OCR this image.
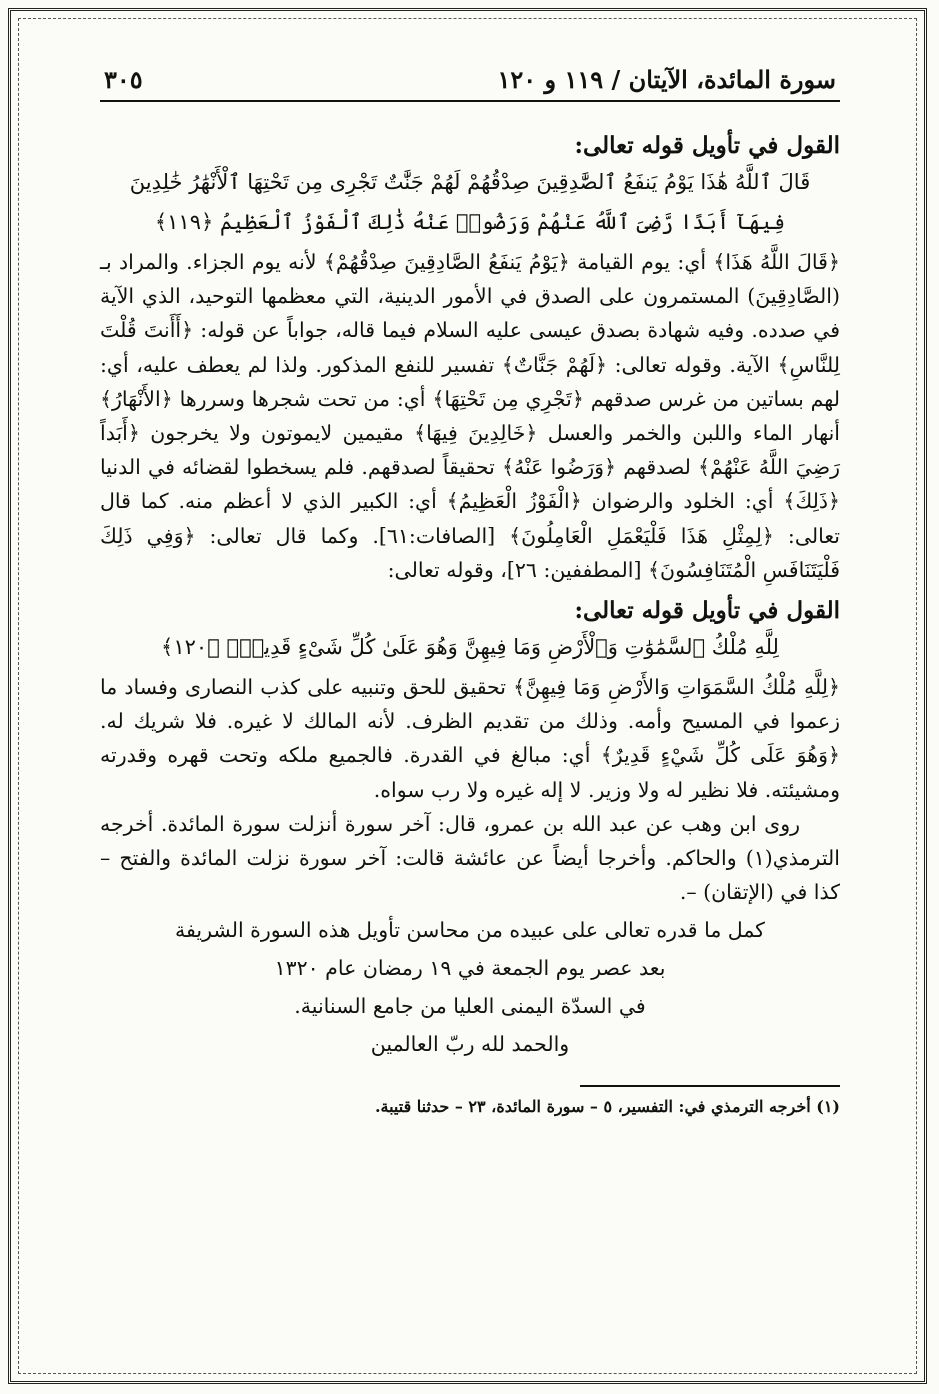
سورة المائدة، الآيتان / ١١٩ و ١٢٠
٣٠٥
القول في تأويل قوله تعالى:

قَالَ ٱللَّهُ هَٰذَا يَوْمُ يَنفَعُ ٱلصَّٰدِقِينَ صِدْقُهُمْ لَهُمْ جَنَّٰتٌ تَجْرِى مِن تَحْتِهَا ٱلْأَنْهَٰرُ خَٰلِدِينَ

فِيهَآ أَبَدًا رَّضِىَ ٱللَّهُ عَنْهُمْ وَرَضُوا۟ عَنْهُ ذَٰلِكَ ٱلْفَوْزُ ٱلْعَظِيمُ ﴿١١٩﴾

﴿قَالَ اللَّهُ هَذَا﴾ أي: يوم القيامة ﴿يَوْمُ يَنفَعُ الصَّادِقِينَ صِدْقُهُمْ﴾ لأنه يوم الجزاء. والمراد بـ (الصَّادِقِينَ) المستمرون على الصدق في الأمور الدينية، التي معظمها التوحيد، الذي الآية في صدده. وفيه شهادة بصدق عيسى عليه السلام فيما قاله، جواباً عن قوله: ﴿أَأَنتَ قُلْتَ لِلنَّاسِ﴾ الآية. وقوله تعالى: ﴿لَهُمْ جَنَّاتٌ﴾ تفسير للنفع المذكور. ولذا لم يعطف عليه، أي: لهم بساتين من غرس صدقهم ﴿تَجْرِي مِن تَحْتِهَا﴾ أي: من تحت شجرها وسررها ﴿الأَنْهَارُ﴾ أنهار الماء واللبن والخمر والعسل ﴿خَالِدِينَ فِيهَا﴾ مقيمين لايموتون ولا يخرجون ﴿أَبَداً رَضِيَ اللَّهُ عَنْهُمْ﴾ لصدقهم ﴿وَرَضُوا عَنْهُ﴾ تحقيقاً لصدقهم. فلم يسخطوا لقضائه في الدنيا ﴿ذَلِكَ﴾ أي: الخلود والرضوان ﴿الْفَوْزُ الْعَظِيمُ﴾ أي: الكبير الذي لا أعظم منه. كما قال تعالى: ﴿لِمِثْلِ هَذَا فَلْيَعْمَلِ الْعَامِلُونَ﴾ [الصافات:٦١]. وكما قال تعالى: ﴿وَفِي ذَلِكَ فَلْيَتَنَافَسِ الْمُتَنَافِسُونَ﴾ [المطففين: ٢٦]، وقوله تعالى:

القول في تأويل قوله تعالى:

لِلَّهِ مُلْكُ ٱلسَّمَٰوَٰتِ وَٱلْأَرْضِ وَمَا فِيهِنَّ وَهُوَ عَلَىٰ كُلِّ شَىْءٍ قَدِيرٌۢ ﴿١٢٠﴾

﴿لِلَّهِ مُلْكُ السَّمَوَاتِ وَالأَرْضِ وَمَا فِيهِنَّ﴾ تحقيق للحق وتنبيه على كذب النصارى وفساد ما زعموا في المسيح وأمه. وذلك من تقديم الظرف. لأنه المالك لا غيره. فلا شريك له. ﴿وَهُوَ عَلَى كُلِّ شَيْءٍ قَدِيرٌ﴾ أي: مبالغ في القدرة. فالجميع ملكه وتحت قهره وقدرته ومشيئته. فلا نظير له ولا وزير. لا إله غيره ولا رب سواه.

روى ابن وهب عن عبد الله بن عمرو، قال: آخر سورة أنزلت سورة المائدة. أخرجه الترمذي(١) والحاكم. وأخرجا أيضاً عن عائشة قالت: آخر سورة نزلت المائدة والفتح – كذا في (الإتقان) –.

كمل ما قدره تعالى على عبيده من محاسن تأويل هذه السورة الشريفة

بعد عصر يوم الجمعة في ١٩ رمضان عام ١٣٢٠

في السدّة اليمنى العليا من جامع السنانية.

والحمد لله ربّ العالمين

(١) أخرجه الترمذي في: التفسير، ٥ – سورة المائدة، ٢٣ – حدثنا قتيبة.
